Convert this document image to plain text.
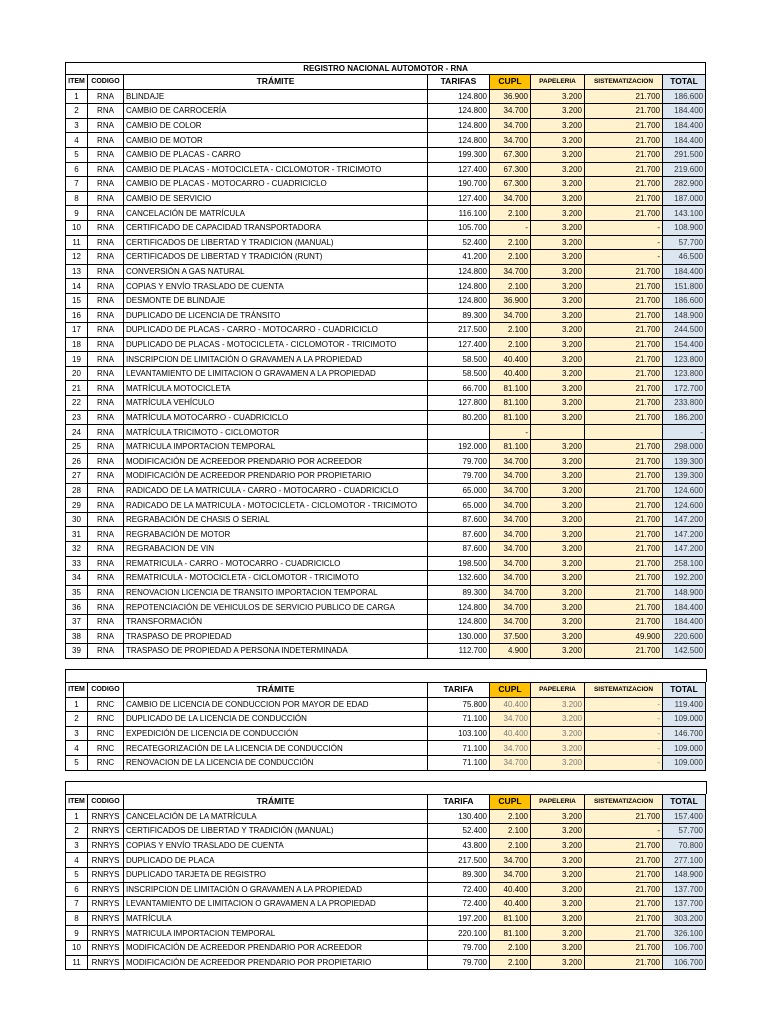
REGISTRO NACIONAL AUTOMOTOR - RNA							
ITEM	CODIGO	TRÁMITE	TARIFAS	CUPL	PAPELERIA	SISTEMATIZACION	TOTAL
1	RNA	BLINDAJE	124.800	36.900	3.200	21.700	186.600
2	RNA	CAMBIO DE CARROCERÍA	124.800	34.700	3.200	21.700	184.400
3	RNA	CAMBIO DE COLOR	124.800	34.700	3.200	21.700	184.400
4	RNA	CAMBIO DE MOTOR	124.800	34.700	3.200	21.700	184.400
5	RNA	CAMBIO DE PLACAS - CARRO	199.300	67.300	3.200	21.700	291.500
6	RNA	CAMBIO DE PLACAS - MOTOCICLETA - CICLOMOTOR - TRICIMOTO	127.400	67.300	3.200	21.700	219.600
7	RNA	CAMBIO DE PLACAS - MOTOCARRO - CUADRICICLO	190.700	67.300	3.200	21.700	282.900
8	RNA	CAMBIO DE SERVICIO	127.400	34.700	3.200	21.700	187.000
9	RNA	CANCELACIÓN DE MATRÍCULA	116.100	2.100	3.200	21.700	143.100
10	RNA	CERTIFICADO DE CAPACIDAD TRANSPORTADORA	105.700	-	3.200	-	108.900
11	RNA	CERTIFICADOS DE LIBERTAD Y TRADICION (MANUAL)	52.400	2.100	3.200	-	57.700
12	RNA	CERTIFICADOS DE LIBERTAD Y TRADICIÓN (RUNT)	41.200	2.100	3.200	-	46.500
13	RNA	CONVERSIÓN A GAS NATURAL	124.800	34.700	3.200	21.700	184.400
14	RNA	COPIAS Y ENVÍO TRASLADO DE CUENTA	124.800	2.100	3.200	21.700	151.800
15	RNA	DESMONTE DE BLINDAJE	124.800	36.900	3.200	21.700	186.600
16	RNA	DUPLICADO DE LICENCIA DE TRÁNSITO	89.300	34.700	3.200	21.700	148.900
17	RNA	DUPLICADO DE PLACAS - CARRO - MOTOCARRO - CUADRICICLO	217.500	2.100	3.200	21.700	244.500
18	RNA	DUPLICADO DE PLACAS - MOTOCICLETA - CICLOMOTOR - TRICIMOTO	127.400	2.100	3.200	21.700	154.400
19	RNA	INSCRIPCION DE LIMITACIÓN O GRAVAMEN A LA PROPIEDAD	58.500	40.400	3.200	21.700	123.800
20	RNA	LEVANTAMIENTO DE LIMITACION O GRAVAMEN A LA PROPIEDAD	58.500	40.400	3.200	21.700	123.800
21	RNA	MATRÍCULA MOTOCICLETA	66.700	81.100	3.200	21.700	172.700
22	RNA	MATRÍCULA VEHÍCULO	127.800	81.100	3.200	21.700	233.800
23	RNA	MATRÍCULA MOTOCARRO - CUADRICICLO	80.200	81.100	3.200	21.700	186.200
24	RNA	MATRÍCULA TRICIMOTO - CICLOMOTOR		-			-
25	RNA	MATRICULA IMPORTACION TEMPORAL	192.000	81.100	3.200	21.700	298.000
26	RNA	MODIFICACIÓN DE ACREEDOR PRENDARIO POR ACREEDOR	79.700	34.700	3.200	21.700	139.300
27	RNA	MODIFICACIÓN DE ACREEDOR PRENDARIO POR PROPIETARIO	79.700	34.700	3.200	21.700	139.300
28	RNA	RADICADO DE LA MATRICULA - CARRO - MOTOCARRO - CUADRICICLO	65.000	34.700	3.200	21.700	124.600
29	RNA	RADICADO DE LA MATRICULA - MOTOCICLETA - CICLOMOTOR - TRICIMOTO	65.000	34.700	3.200	21.700	124.600
30	RNA	REGRABACIÓN DE CHASIS O SERIAL	87.600	34.700	3.200	21.700	147.200
31	RNA	REGRABACIÓN DE MOTOR	87.600	34.700	3.200	21.700	147.200
32	RNA	REGRABACION DE VIN	87.600	34.700	3.200	21.700	147.200
33	RNA	REMATRICULA - CARRO - MOTOCARRO - CUADRICICLO	198.500	34.700	3.200	21.700	258.100
34	RNA	REMATRICULA - MOTOCICLETA - CICLOMOTOR - TRICIMOTO	132.600	34.700	3.200	21.700	192.200
35	RNA	RENOVACION LICENCIA DE TRANSITO IMPORTACION TEMPORAL	89.300	34.700	3.200	21.700	148.900
36	RNA	REPOTENCIACIÓN DE VEHICULOS DE SERVICIO PUBLICO DE CARGA	124.800	34.700	3.200	21.700	184.400
37	RNA	TRANSFORMACIÓN	124.800	34.700	3.200	21.700	184.400
38	RNA	TRASPASO DE PROPIEDAD	130.000	37.500	3.200	49.900	220.600
39	RNA	TRASPASO DE PROPIEDAD A PERSONA INDETERMINADA	112.700	4.900	3.200	21.700	142.500
ITEM	CODIGO	TRÁMITE	TARIFA	CUPL	PAPELERIA	SISTEMATIZACION	TOTAL
1	RNC	CAMBIO DE LICENCIA DE CONDUCCION POR MAYOR DE EDAD	75.800	40.400	3.200	-	119.400
2	RNC	DUPLICADO DE LA LICENCIA DE CONDUCCIÓN	71.100	34.700	3.200	-	109.000
3	RNC	EXPEDICIÓN DE LICENCIA DE CONDUCCIÓN	103.100	40.400	3.200	-	146.700
4	RNC	RECATEGORIZACIÓN DE LA LICENCIA DE CONDUCCIÓN	71.100	34.700	3.200	-	109.000
5	RNC	RENOVACION DE LA LICENCIA DE CONDUCCIÓN	71.100	34.700	3.200	-	109.000
ITEM	CODIGO	TRÁMITE	TARIFA	CUPL	PAPELERIA	SISTEMATIZACION	TOTAL
1	RNRYS	CANCELACIÓN DE LA MATRÍCULA	130.400	2.100	3.200	21.700	157.400
2	RNRYS	CERTIFICADOS DE LIBERTAD Y TRADICIÓN (MANUAL)	52.400	2.100	3.200	-	57.700
3	RNRYS	COPIAS Y ENVÍO TRASLADO DE CUENTA	43.800	2.100	3.200	21.700	70.800
4	RNRYS	DUPLICADO DE PLACA	217.500	34.700	3.200	21.700	277.100
5	RNRYS	DUPLICADO TARJETA DE REGISTRO	89.300	34.700	3.200	21.700	148.900
6	RNRYS	INSCRIPCION DE LIMITACIÓN O GRAVAMEN A LA PROPIEDAD	72.400	40.400	3.200	21.700	137.700
7	RNRYS	LEVANTAMIENTO DE LIMITACION O GRAVAMEN A LA PROPIEDAD	72.400	40.400	3.200	21.700	137.700
8	RNRYS	MATRÍCULA	197.200	81.100	3.200	21.700	303.200
9	RNRYS	MATRICULA IMPORTACION TEMPORAL	220.100	81.100	3.200	21.700	326.100
10	RNRYS	MODIFICACIÓN DE ACREEDOR PRENDARIO POR ACREEDOR	79.700	2.100	3.200	21.700	106.700
11	RNRYS	MODIFICACIÓN DE ACREEDOR PRENDARIO POR PROPIETARIO	79.700	2.100	3.200	21.700	106.700
